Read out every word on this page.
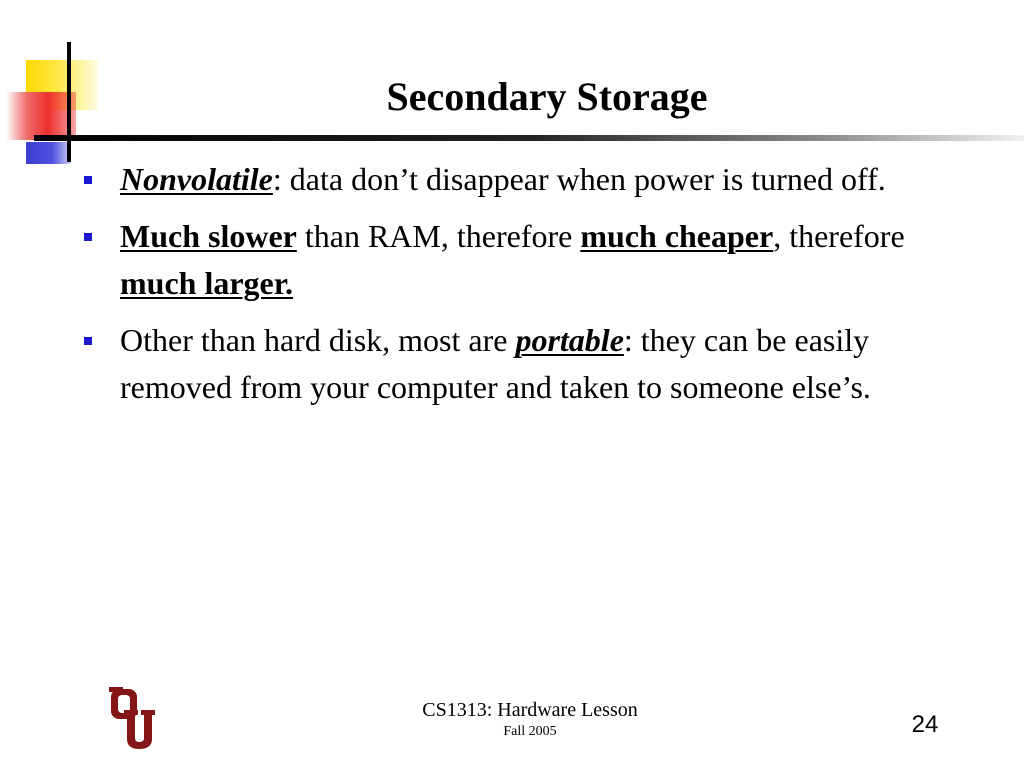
Secondary Storage
Nonvolatile: data don’t disappear when power is turned off.
Much slower than RAM, therefore much cheaper, therefore much larger.
Other than hard disk, most are portable: they can be easily removed from your computer and taken to someone else’s.
CS1313: Hardware Lesson
Fall 2005	24
